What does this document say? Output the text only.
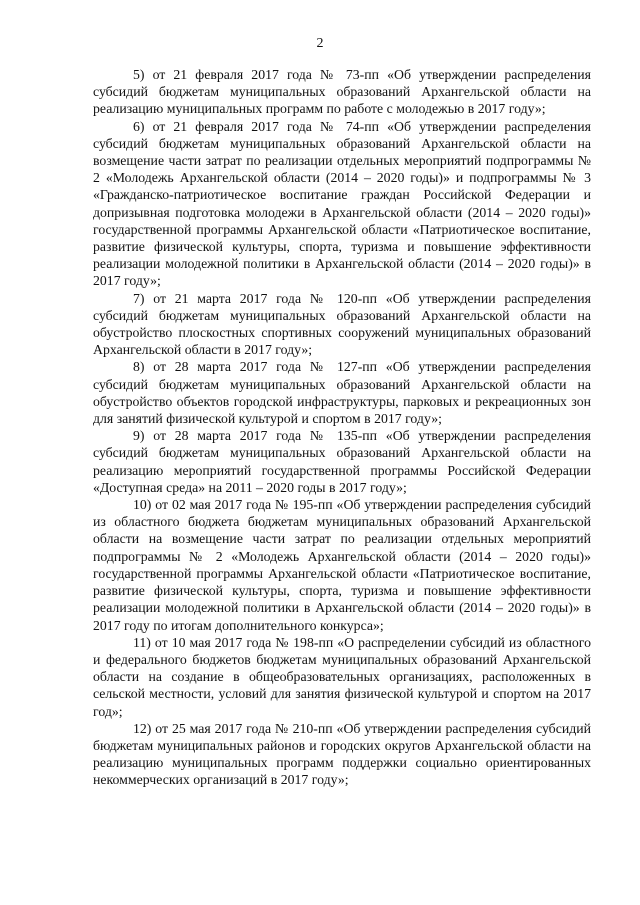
2

5) от 21 февраля 2017 года № 73-пп «Об утверждении распределения субсидий бюджетам муниципальных образований Архангельской области на реализацию муниципальных программ по работе с молодежью в 2017 году»;

6) от 21 февраля 2017 года № 74-пп «Об утверждении распределения субсидий бюджетам муниципальных образований Архангельской области на возмещение части затрат по реализации отдельных мероприятий подпрограммы № 2 «Молодежь Архангельской области (2014 – 2020 годы)» и подпрограммы № 3 «Гражданско-патриотическое воспитание граждан Российской Федерации и допризывная подготовка молодежи в Архангельской области (2014 – 2020 годы)» государственной программы Архангельской области «Патриотическое воспитание, развитие физической культуры, спорта, туризма и повышение эффективности реализации молодежной политики в Архангельской области (2014 – 2020 годы)» в 2017 году»;

7) от 21 марта 2017 года № 120-пп «Об утверждении распределения субсидий бюджетам муниципальных образований Архангельской области на обустройство плоскостных спортивных сооружений муниципальных образований Архангельской области в 2017 году»;

8) от 28 марта 2017 года № 127-пп «Об утверждении распределения субсидий бюджетам муниципальных образований Архангельской области на обустройство объектов городской инфраструктуры, парковых и рекреационных зон для занятий физической культурой и спортом в 2017 году»;

9) от 28 марта 2017 года № 135-пп «Об утверждении распределения субсидий бюджетам муниципальных образований Архангельской области на реализацию мероприятий государственной программы Российской Федерации «Доступная среда» на 2011 – 2020 годы в 2017 году»;

10) от 02 мая 2017 года № 195-пп «Об утверждении распределения субсидий из областного бюджета бюджетам муниципальных образований Архангельской области на возмещение части затрат по реализации отдельных мероприятий подпрограммы № 2 «Молодежь Архангельской области (2014 – 2020 годы)» государственной программы Архангельской области «Патриотическое воспитание, развитие физической культуры, спорта, туризма и повышение эффективности реализации молодежной политики в Архангельской области (2014 – 2020 годы)» в 2017 году по итогам дополнительного конкурса»;

11) от 10 мая 2017 года № 198-пп «О распределении субсидий из областного и федерального бюджетов бюджетам муниципальных образований Архангельской области на создание в общеобразовательных организациях, расположенных в сельской местности, условий для занятия физической культурой и спортом на 2017 год»;

12) от 25 мая 2017 года № 210-пп «Об утверждении распределения субсидий бюджетам муниципальных районов и городских округов Архангельской области на реализацию муниципальных программ поддержки социально ориентированных некоммерческих организаций в 2017 году»;
